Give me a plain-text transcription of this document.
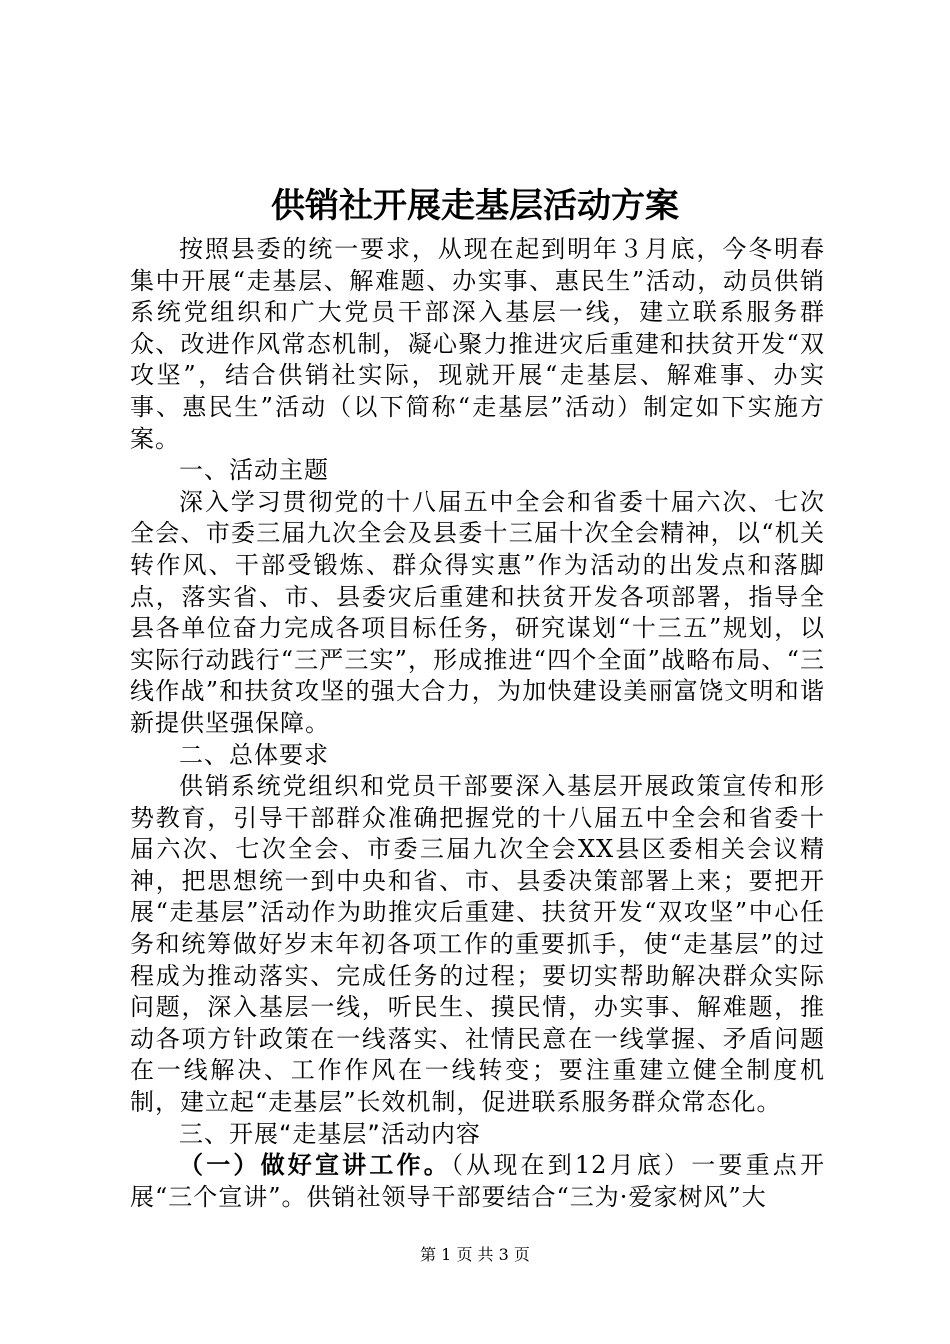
供销社开展走基层活动方案

按照县委的统一要求，从现在起到明年３月底，今冬明春集中开展“走基层、解难题、办实事、惠民生”活动，动员供销系统党组织和广大党员干部深入基层一线，建立联系服务群众、改进作风常态机制，凝心聚力推进灾后重建和扶贫开发“双攻坚”，结合供销社实际，现就开展“走基层、解难事、办实事、惠民生”活动（以下简称“走基层”活动）制定如下实施方案。

一、活动主题

深入学习贯彻党的十八届五中全会和省委十届六次、七次全会、市委三届九次全会及县委十三届十次全会精神，以“机关转作风、干部受锻炼、群众得实惠”作为活动的出发点和落脚点，落实省、市、县委灾后重建和扶贫开发各项部署，指导全县各单位奋力完成各项目标任务，研究谋划“十三五”规划，以实际行动践行“三严三实”，形成推进“四个全面”战略布局、“三线作战”和扶贫攻坚的强大合力，为加快建设美丽富饶文明和谐新提供坚强保障。

二、总体要求

供销系统党组织和党员干部要深入基层开展政策宣传和形势教育，引导干部群众准确把握党的十八届五中全会和省委十届六次、七次全会、市委三届九次全会XX县区委相关会议精神，把思想统一到中央和省、市、县委决策部署上来；要把开展“走基层”活动作为助推灾后重建、扶贫开发“双攻坚”中心任务和统筹做好岁末年初各项工作的重要抓手，使“走基层”的过程成为推动落实、完成任务的过程；要切实帮助解决群众实际问题，深入基层一线，听民生、摸民情，办实事、解难题，推动各项方针政策在一线落实、社情民意在一线掌握、矛盾问题在一线解决、工作作风在一线转变；要注重建立健全制度机制，建立起“走基层”长效机制，促进联系服务群众常态化。

三、开展“走基层”活动内容

（一）做好宣讲工作。（从现在到12月底）一要重点开展“三个宣讲”。供销社领导干部要结合“三为·爱家树风”大

第 1 页 共 3 页
